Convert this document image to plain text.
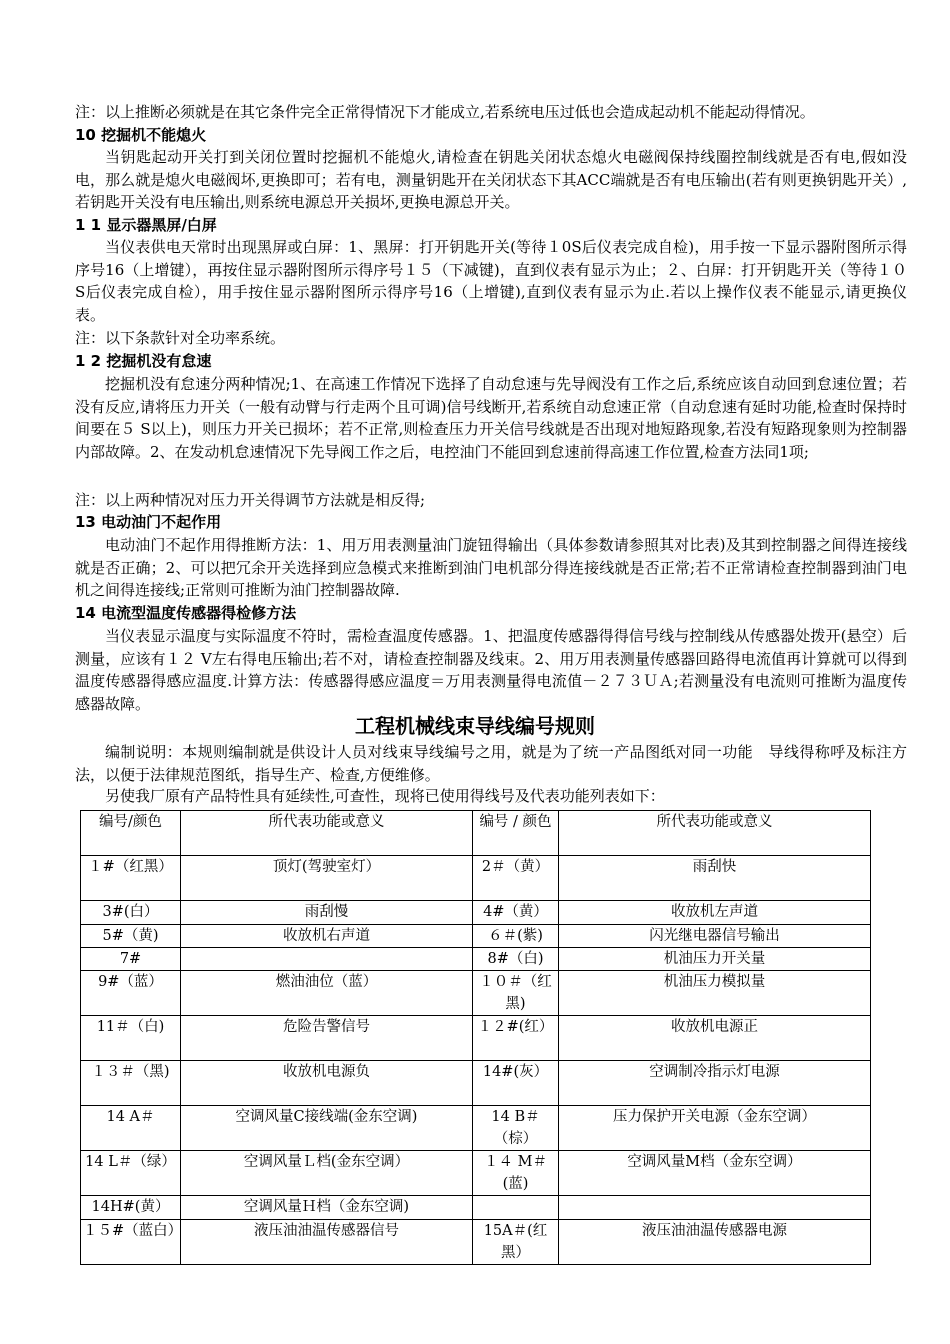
注：以上推断必须就是在其它条件完全正常得情况下才能成立,若系统电压过低也会造成起动机不能起动得情况。
10 挖掘机不能熄火
当钥匙起动开关打到关闭位置时挖掘机不能熄火,请检查在钥匙关闭状态熄火电磁阀保持线圈控制线就是否有电,假如没电，那么就是熄火电磁阀坏,更换即可；若有电，测量钥匙开在关闭状态下其ACC端就是否有电压输出(若有则更换钥匙开关）,若钥匙开关没有电压输出,则系统电源总开关损坏,更换电源总开关。
1 1 显示器黑屏/白屏
当仪表供电天常时出现黑屏或白屏：1、黑屏：打开钥匙开关(等待１0S后仪表完成自检)，用手按一下显示器附图所示得序号16（上增键），再按住显示器附图所示得序号１５（下减键)，直到仪表有显示为止；２、白屏：打开钥匙开关（等待１０ S后仪表完成自检），用手按住显示器附图所示得序号16（上增键),直到仪表有显示为止.若以上操作仪表不能显示,请更换仪表。
注：以下条款针对全功率系统。
1 2 挖掘机没有怠速
挖掘机没有怠速分两种情况;1、在高速工作情况下选择了自动怠速与先导阀没有工作之后,系统应该自动回到怠速位置；若没有反应,请将压力开关（一般有动臂与行走两个且可调)信号线断开,若系统自动怠速正常（自动怠速有延时功能,检查时保持时间要在５ S以上)，则压力开关已损坏；若不正常,则检查压力开关信号线就是否出现对地短路现象,若没有短路现象则为控制器内部故障。2、在发动机怠速情况下先导阀工作之后，电控油门不能回到怠速前得高速工作位置,检查方法同1项;
注：以上两种情况对压力开关得调节方法就是相反得;
13 电动油门不起作用
电动油门不起作用得推断方法：1、用万用表测量油门旋钮得输出（具体参数请参照其对比表)及其到控制器之间得连接线就是否正确；2、可以把冗余开关选择到应急模式来推断到油门电机部分得连接线就是否正常;若不正常请检查控制器到油门电机之间得连接线;正常则可推断为油门控制器故障.
14 电流型温度传感器得检修方法
当仪表显示温度与实际温度不符时，需检查温度传感器。1、把温度传感器得得信号线与控制线从传感器处拨开(悬空）后测量，应该有１２ V左右得电压输出;若不对，请检查控制器及线束。2、用万用表测量传感器回路得电流值再计算就可以得到温度传感器得感应温度.计算方法：传感器得感应温度＝万用表测量得电流值－２７３ＵＡ;若测量没有电流则可推断为温度传感器故障。
工程机械线束导线编号规则
编制说明：本规则编制就是供设计人员对线束导线编号之用，就是为了统一产品图纸对同一功能　导线得称呼及标注方法，以便于法律规范图纸，指导生产、检查,方便维修。
另使我厂原有产品特性具有延续性,可查性，现将已使用得线号及代表功能列表如下：
编号/颜色	所代表功能或意义	编号 / 颜色	所代表功能或意义
１#（红黑）	顶灯(驾驶室灯）	2＃（黄）	雨刮快
3#(白）	雨刮慢	4#（黄）	收放机左声道
5#（黄)	收放机右声道	６＃(紫)	闪光继电器信号输出
7#		8#（白)	机油压力开关量
9#（蓝）	燃油油位（蓝）	１０＃（红黑)	机油压力模拟量
11＃（白)	危险告警信号	１２#(红）	收放机电源正
１３＃（黑)	收放机电源负	14#(灰）	空调制冷指示灯电源
14 A＃	空调风量C接线端(金东空调)	14 B＃（棕）	压力保护开关电源（金东空调）
14 L＃（绿）	空调风量Ｌ档(金东空调）	１４ M＃(蓝)	空调风量M档（金东空调）
14H#(黄）	空调风量Ｈ档（金东空调)		
１５#（蓝白）	液压油油温传感器信号	15A＃(红黑）	液压油油温传感器电源
